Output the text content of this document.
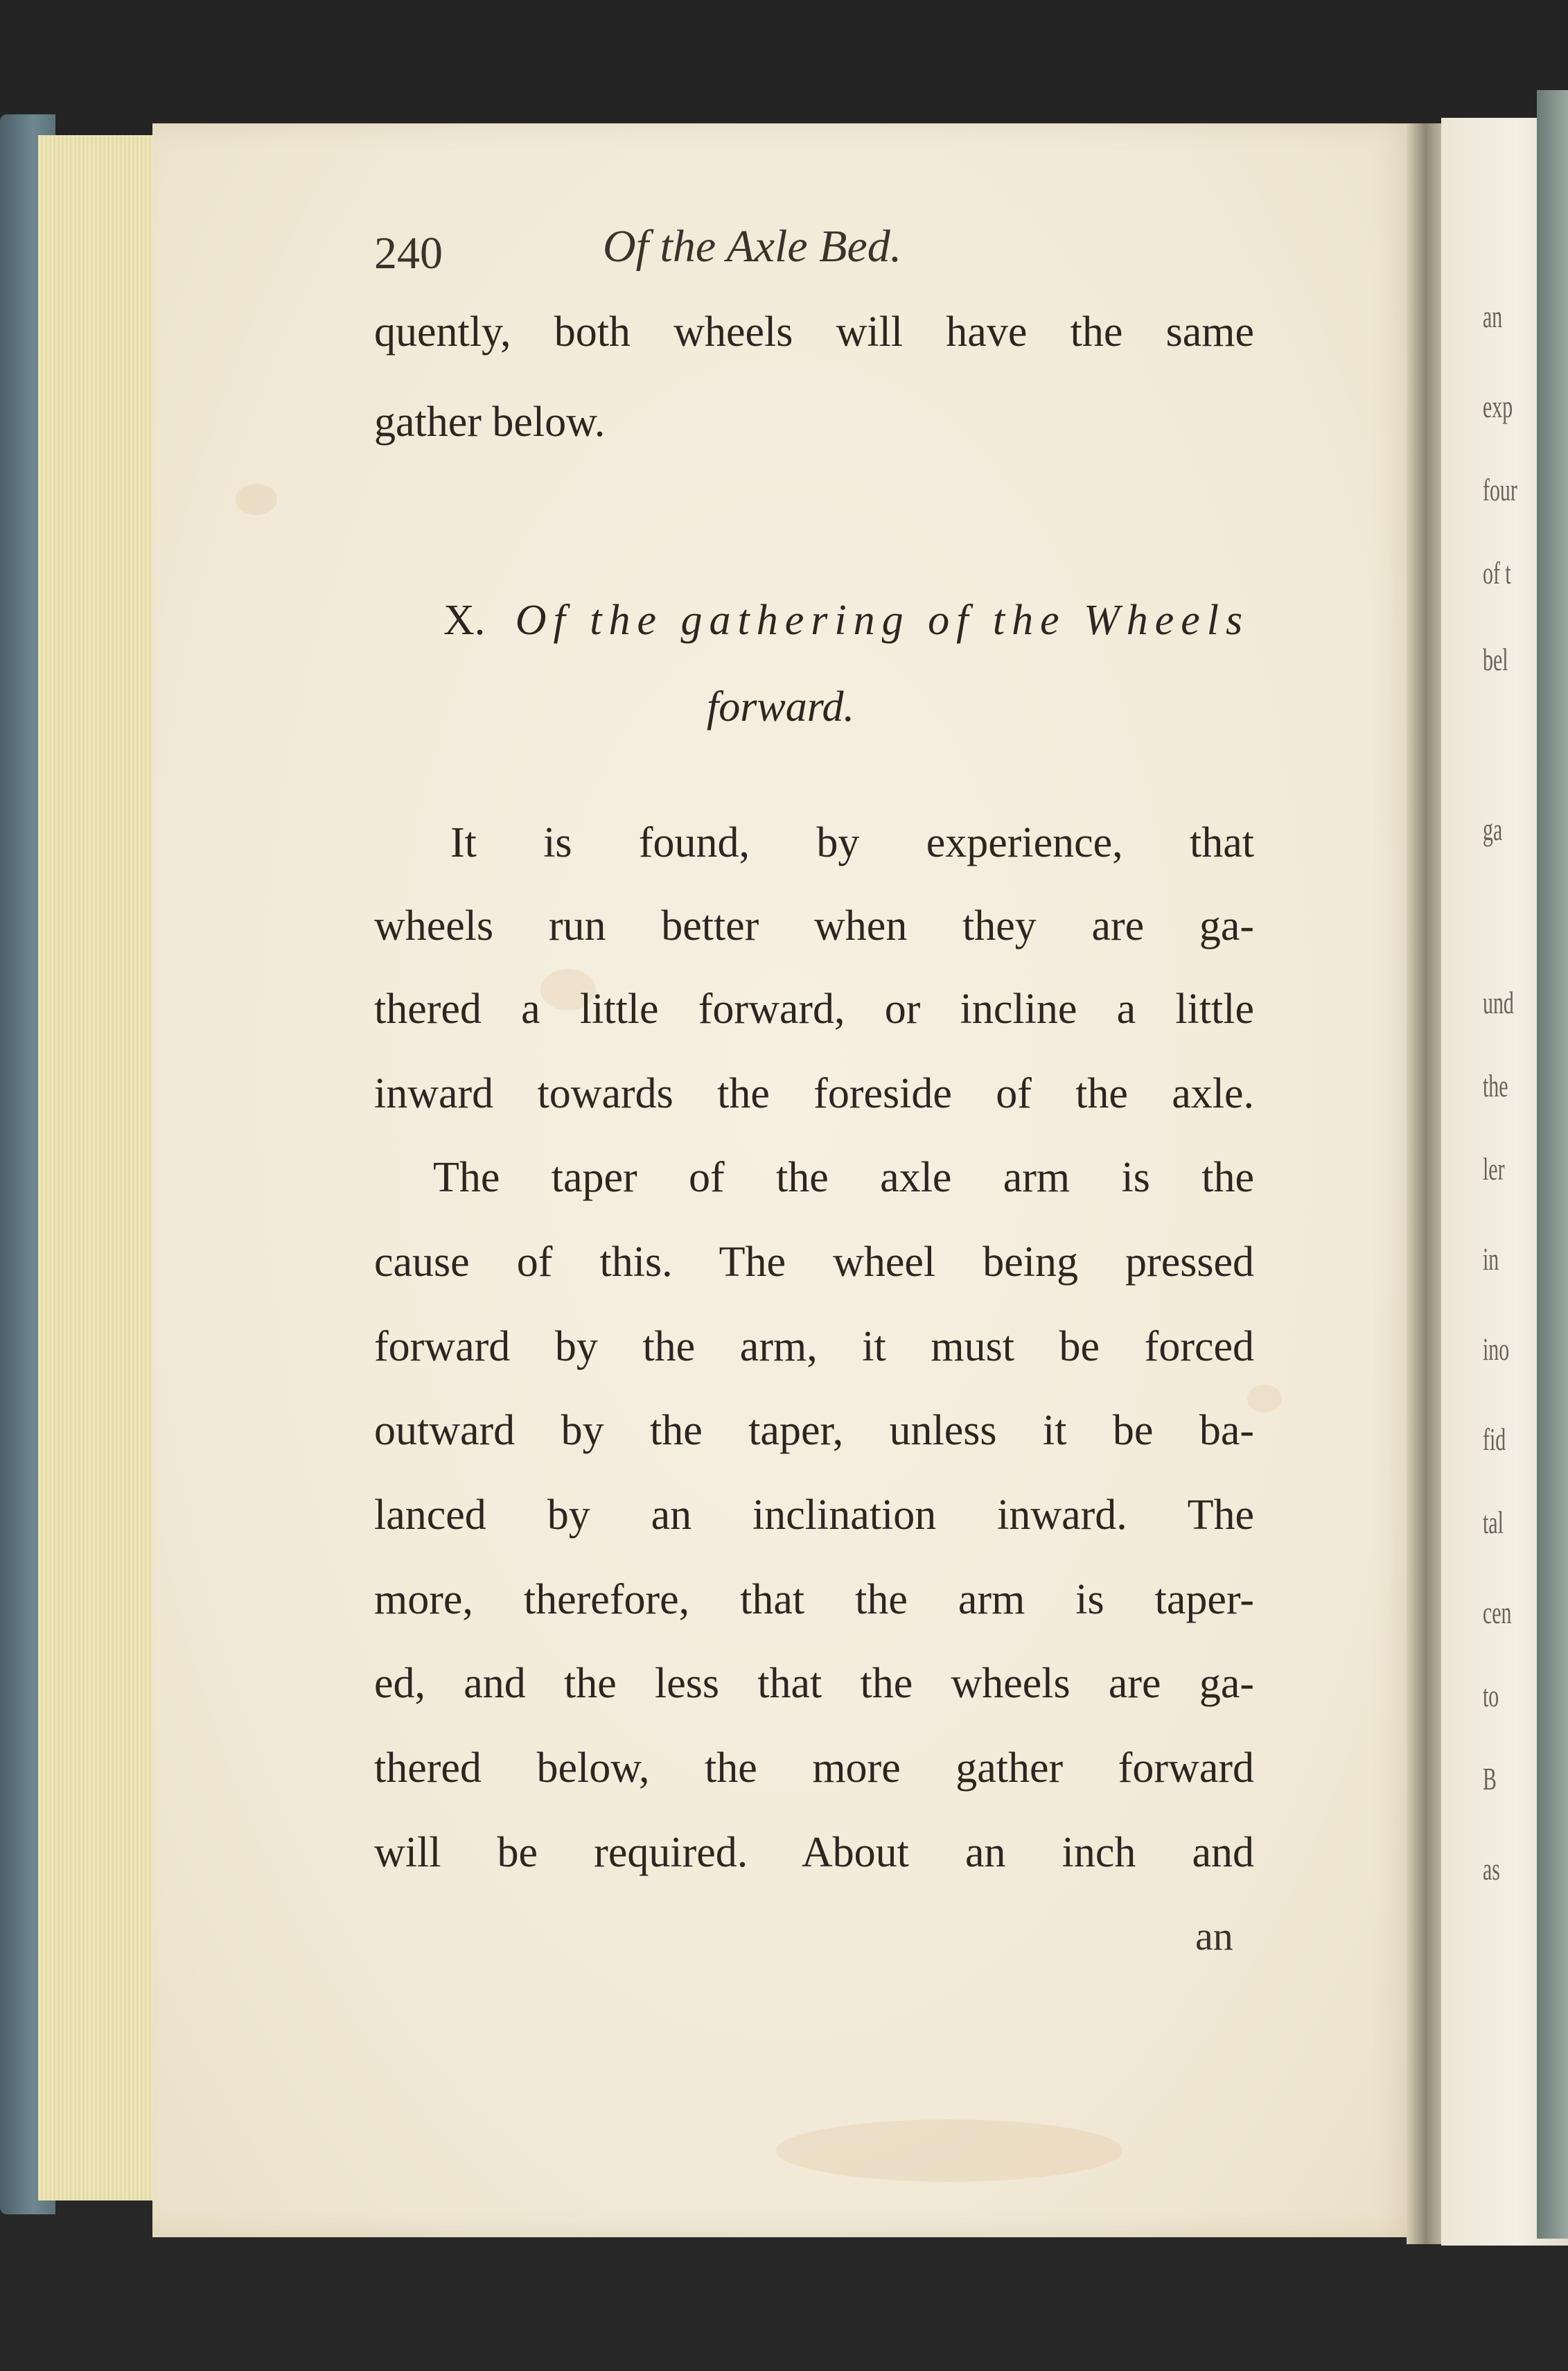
an
exp
four
of t
bel
ga
und
the
ler
in
ino
fid
tal
cen
to
B
as
240	Of the Axle Bed.
quently, both wheels will have the same
gather below.
X. Of the gathering of the Wheels
forward.
It is found, by experience, that
wheels run better when they are ga-
thered a little forward, or incline a little
inward towards the foreside of the axle.
The taper of the axle arm is the
cause of this. The wheel being pressed
forward by the arm, it must be forced
outward by the taper, unless it be ba-
lanced by an inclination inward. The
more, therefore, that the arm is taper-
ed, and the less that the wheels are ga-
thered below, the more gather forward
will be required. About an inch and
an
